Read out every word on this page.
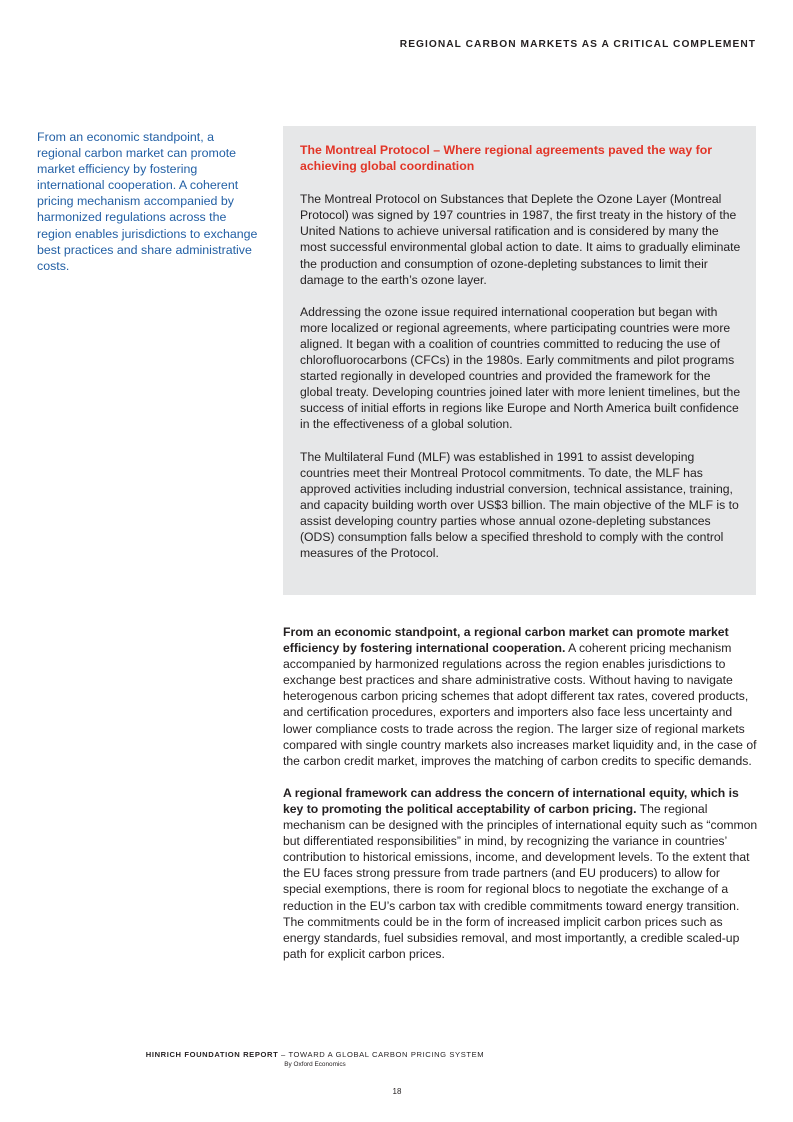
REGIONAL CARBON MARKETS AS A CRITICAL COMPLEMENT

From an economic standpoint, a regional carbon market can promote market efficiency by fostering international cooperation. A coherent pricing mechanism accompanied by harmonized regulations across the region enables jurisdictions to exchange best practices and share administrative costs.

The Montreal Protocol – Where regional agreements paved the way for achieving global coordination

The Montreal Protocol on Substances that Deplete the Ozone Layer (Montreal Protocol) was signed by 197 countries in 1987, the first treaty in the history of the United Nations to achieve universal ratification and is considered by many the most successful environmental global action to date. It aims to gradually eliminate the production and consumption of ozone-depleting substances to limit their damage to the earth’s ozone layer.

Addressing the ozone issue required international cooperation but began with more localized or regional agreements, where participating countries were more aligned. It began with a coalition of countries committed to reducing the use of chlorofluorocarbons (CFCs) in the 1980s. Early commitments and pilot programs started regionally in developed countries and provided the framework for the global treaty. Developing countries joined later with more lenient timelines, but the success of initial efforts in regions like Europe and North America built confidence in the effectiveness of a global solution.

The Multilateral Fund (MLF) was established in 1991 to assist developing countries meet their Montreal Protocol commitments. To date, the MLF has approved activities including industrial conversion, technical assistance, training, and capacity building worth over US$3 billion. The main objective of the MLF is to assist developing country parties whose annual ozone-depleting substances (ODS) consumption falls below a specified threshold to comply with the control measures of the Protocol.

From an economic standpoint, a regional carbon market can promote market efficiency by fostering international cooperation. A coherent pricing mechanism accompanied by harmonized regulations across the region enables jurisdictions to exchange best practices and share administrative costs. Without having to navigate heterogenous carbon pricing schemes that adopt different tax rates, covered products, and certification procedures, exporters and importers also face less uncertainty and lower compliance costs to trade across the region. The larger size of regional markets compared with single country markets also increases market liquidity and, in the case of the carbon credit market, improves the matching of carbon credits to specific demands.

A regional framework can address the concern of international equity, which is key to promoting the political acceptability of carbon pricing. The regional mechanism can be designed with the principles of international equity such as “common but differentiated responsibilities” in mind, by recognizing the variance in countries’ contribution to historical emissions, income, and development levels. To the extent that the EU faces strong pressure from trade partners (and EU producers) to allow for special exemptions, there is room for regional blocs to negotiate the exchange of a reduction in the EU’s carbon tax with credible commitments toward energy transition. The commitments could be in the form of increased implicit carbon prices such as energy standards, fuel subsidies removal, and most importantly, a credible scaled-up path for explicit carbon prices.

HINRICH FOUNDATION REPORT – TOWARD A GLOBAL CARBON PRICING SYSTEM
By Oxford Economics
18
